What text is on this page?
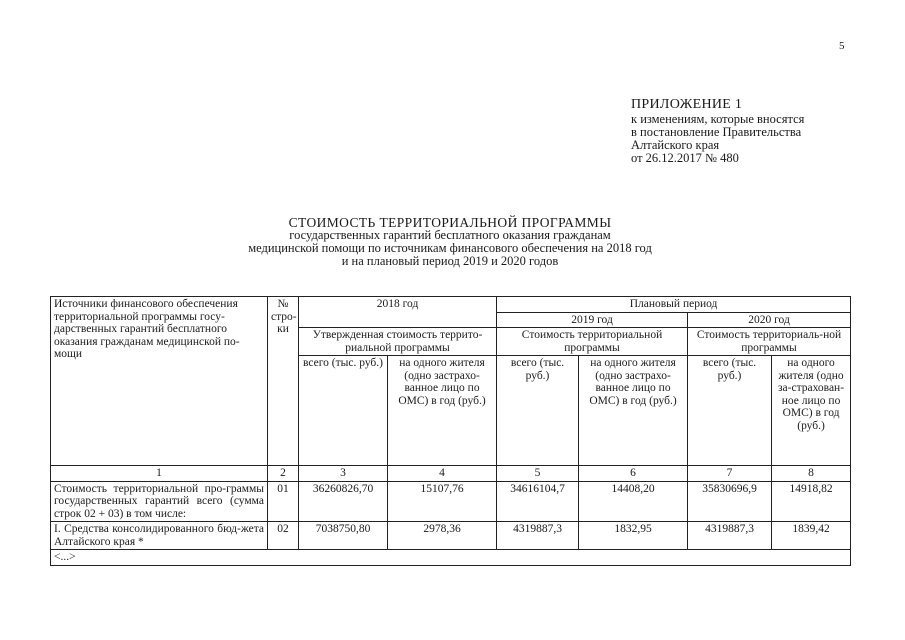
5
ПРИЛОЖЕНИЕ 1
к изменениям, которые вносятся
в постановление Правительства
Алтайского края
от 26.12.2017 № 480
СТОИМОСТЬ ТЕРРИТОРИАЛЬНОЙ ПРОГРАММЫ
государственных гарантий бесплатного оказания гражданам
медицинской помощи по источникам финансового обеспечения на 2018 год
и на плановый период 2019 и 2020 годов
Источники финансового обеспечения территориальной программы госу-дарственных гарантий бесплатного оказания гражданам медицинской по-мощи	№ стро-ки	2018 год		Плановый период			
				2019 год		2020 год	
		Утвержденная стоимость террито-риальной программы		Стоимость территориальной программы		Стоимость территориаль-ной программы	
		всего (тыс. руб.)	на одного жителя (одно застрахо-ванное лицо по ОМС) в год (руб.)	всего (тыс. руб.)	на одного жителя (одно застрахо-ванное лицо по ОМС) в год (руб.)	всего (тыс. руб.)	на одного жителя (одно за-страхован-ное лицо по ОМС) в год (руб.)
1	2	3	4	5	6	7	8
Стоимость территориальной про-граммы государственных гарантий всего (сумма строк 02 + 03) в том числе:	01	36260826,70	15107,76	34616104,7	14408,20	35830696,9	14918,82
I. Средства консолидированного бюд-жета Алтайского края *	02	7038750,80	2978,36	4319887,3	1832,95	4319887,3	1839,42
<...>							
